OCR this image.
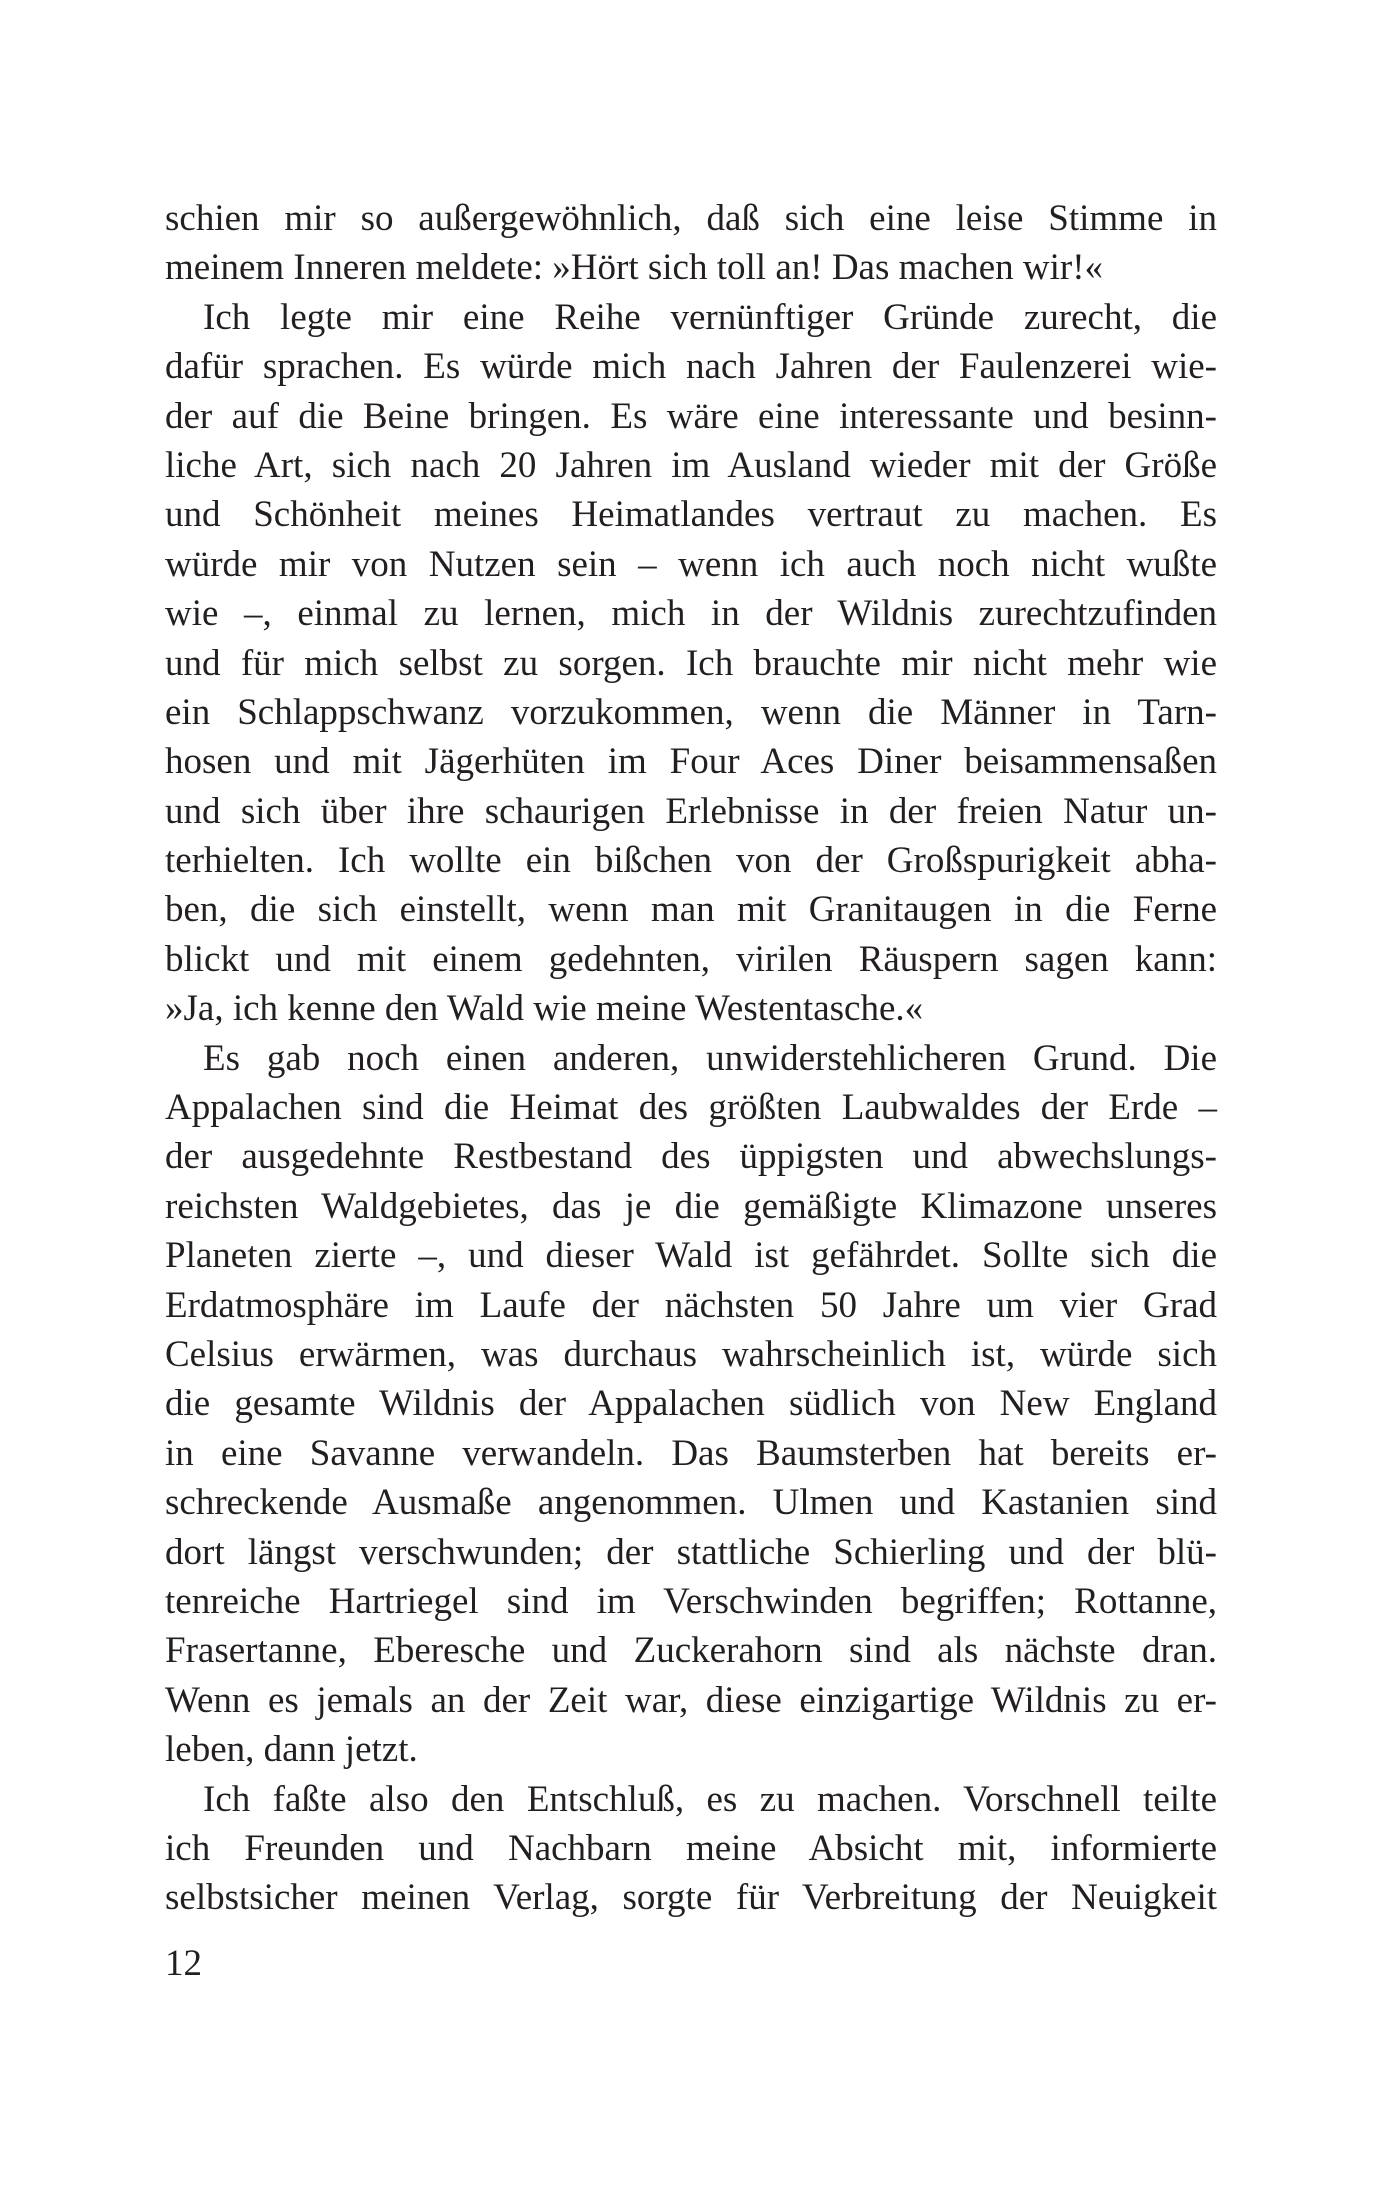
schien mir so außergewöhnlich, daß sich eine leise Stimme in
meinem Inneren meldete: »Hört sich toll an! Das machen wir!«
Ich legte mir eine Reihe vernünftiger Gründe zurecht, die
dafür sprachen. Es würde mich nach Jahren der Faulenzerei wie-
der auf die Beine bringen. Es wäre eine interessante und besinn-
liche Art, sich nach 20 Jahren im Ausland wieder mit der Größe
und Schönheit meines Heimatlandes vertraut zu machen. Es
würde mir von Nutzen sein – wenn ich auch noch nicht wußte
wie –, einmal zu lernen, mich in der Wildnis zurechtzufinden
und für mich selbst zu sorgen. Ich brauchte mir nicht mehr wie
ein Schlappschwanz vorzukommen, wenn die Männer in Tarn-
hosen und mit Jägerhüten im Four Aces Diner beisammensaßen
und sich über ihre schaurigen Erlebnisse in der freien Natur un-
terhielten. Ich wollte ein bißchen von der Großspurigkeit abha-
ben, die sich einstellt, wenn man mit Granitaugen in die Ferne
blickt und mit einem gedehnten, virilen Räuspern sagen kann:
»Ja, ich kenne den Wald wie meine Westentasche.«
Es gab noch einen anderen, unwiderstehlicheren Grund. Die
Appalachen sind die Heimat des größten Laubwaldes der Erde –
der ausgedehnte Restbestand des üppigsten und abwechslungs-
reichsten Waldgebietes, das je die gemäßigte Klimazone unseres
Planeten zierte –, und dieser Wald ist gefährdet. Sollte sich die
Erdatmosphäre im Laufe der nächsten 50 Jahre um vier Grad
Celsius erwärmen, was durchaus wahrscheinlich ist, würde sich
die gesamte Wildnis der Appalachen südlich von New England
in eine Savanne verwandeln. Das Baumsterben hat bereits er-
schreckende Ausmaße angenommen. Ulmen und Kastanien sind
dort längst verschwunden; der stattliche Schierling und der blü-
tenreiche Hartriegel sind im Verschwinden begriffen; Rottanne,
Frasertanne, Eberesche und Zuckerahorn sind als nächste dran.
Wenn es jemals an der Zeit war, diese einzigartige Wildnis zu er-
leben, dann jetzt.
Ich faßte also den Entschluß, es zu machen. Vorschnell teilte
ich Freunden und Nachbarn meine Absicht mit, informierte
selbstsicher meinen Verlag, sorgte für Verbreitung der Neuigkeit
12
